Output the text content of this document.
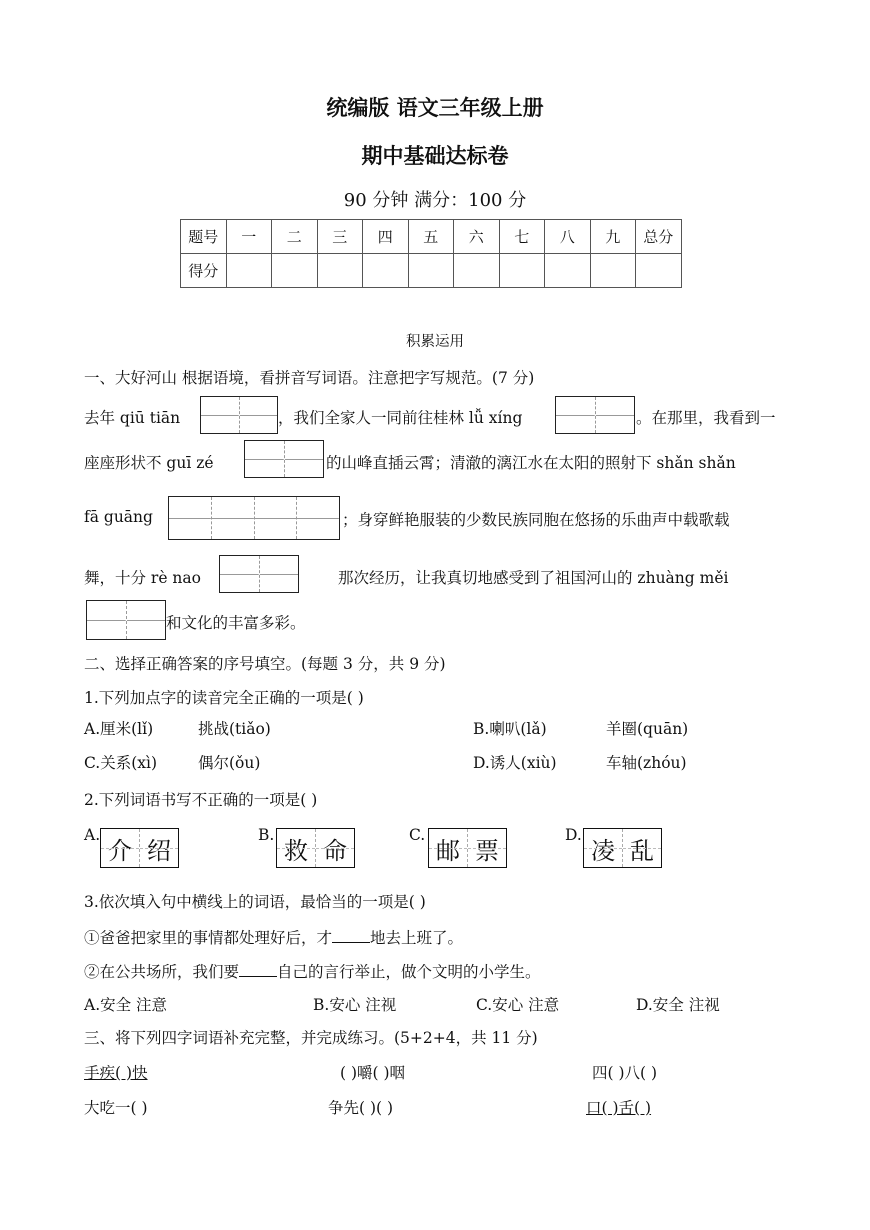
统编版 语文三年级上册
期中基础达标卷
90 分钟 满分：100 分
题号	一	二	三	四	五	六	七	八	九	总分
得分										
积累运用
一、大好河山 根据语境，看拼音写词语。注意把字写规范。(7 分)
去年 qiū tiān	，我们全家人一同前往桂林 lǚ xíng	。在那里，我看到一
座座形状不 guī zé	的山峰直插云霄；清澈的漓江水在太阳的照射下 shǎn shǎn
fā guāng	；身穿鲜艳服装的少数民族同胞在悠扬的乐曲声中载歌载
舞，十分 rè nao	那次经历，让我真切地感受到了祖国河山的 zhuàng měi
和文化的丰富多彩。
二、选择正确答案的序号填空。(每题 3 分，共 9 分)
1.下列加点字的读音完全正确的一项是( )
A.厘米(lǐ)	挑战(tiǎo)	B.喇叭(lǎ)	羊圈(quān)
C.关系(xì)	偶尔(ǒu)	D.诱人(xiù)	车轴(zhóu)
2.下列词语书写不正确的一项是( )
A.
介 绍
B.
救 命
C.
邮 票
D.
凌 乱
3.依次填入句中横线上的词语，最恰当的一项是( )
①爸爸把家里的事情都处理好后，才 地去上班了。
②在公共场所，我们要 自己的言行举止，做个文明的小学生。
A.安全 注意	B.安心 注视	C.安心 注意	D.安全 注视
三、将下列四字词语补充完整，并完成练习。(5+2+4，共 11 分)
手疾( )快	( )嚼( )咽	四( )八( )
大吃一( )	争先( )( )	口( )舌( )
